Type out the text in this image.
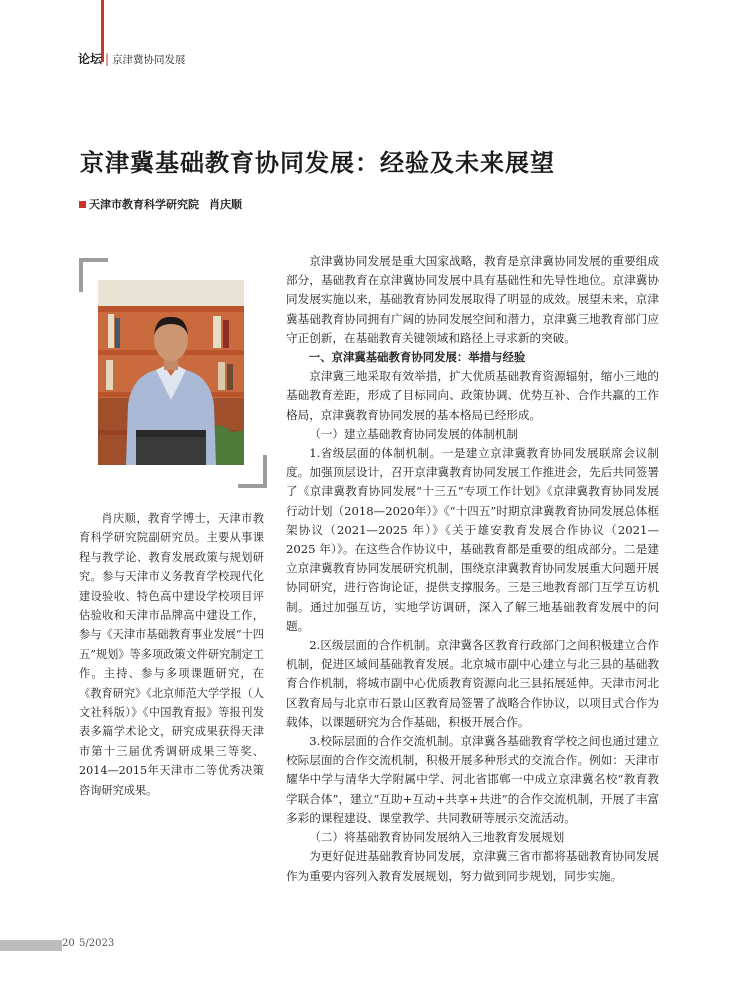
论坛 | 京津冀协同发展
京津冀基础教育协同发展：经验及未来展望
天津市教育科学研究院 肖庆顺

肖庆顺，教育学博士，天津市教育科学研究院副研究员。主要从事课程与教学论、教育发展政策与规划研究。参与天津市义务教育学校现代化建设验收、特色高中建设学校项目评估验收和天津市品牌高中建设工作，参与《天津市基础教育事业发展“十四五”规划》等多项政策文件研究制定工作。主持、参与多项课题研究，在《教育研究》《北京师范大学学报（人文社科版）》《中国教育报》等报刊发表多篇学术论文，研究成果获得天津市第十三届优秀调研成果三等奖、2014—2015年天津市二等优秀决策咨询研究成果。

京津冀协同发展是重大国家战略，教育是京津冀协同发展的重要组成部分，基础教育在京津冀协同发展中具有基础性和先导性地位。京津冀协同发展实施以来，基础教育协同发展取得了明显的成效。展望未来，京津冀基础教育协同拥有广阔的协同发展空间和潜力，京津冀三地教育部门应守正创新，在基础教育关键领域和路径上寻求新的突破。

一、京津冀基础教育协同发展：举措与经验

京津冀三地采取有效举措，扩大优质基础教育资源辐射，缩小三地的基础教育差距，形成了目标同向、政策协调、优势互补、合作共赢的工作格局，京津冀教育协同发展的基本格局已经形成。

（一）建立基础教育协同发展的体制机制

1.省级层面的体制机制。一是建立京津冀教育协同发展联席会议制度。加强顶层设计，召开京津冀教育协同发展工作推进会，先后共同签署了《京津冀教育协同发展“十三五”专项工作计划》《京津冀教育协同发展行动计划（2018—2020年）》《“十四五”时期京津冀教育协同发展总体框架协议（2021—2025 年）》《关于雄安教育发展合作协议（2021—2025 年）》。在这些合作协议中，基础教育都是重要的组成部分。二是建立京津冀教育协同发展研究机制，围绕京津冀教育协同发展重大问题开展协同研究，进行咨询论证，提供支撑服务。三是三地教育部门互学互访机制。通过加强互访，实地学访调研，深入了解三地基础教育发展中的问题。

2.区级层面的合作机制。京津冀各区教育行政部门之间积极建立合作机制，促进区域间基础教育发展。北京城市副中心建立与北三县的基础教育合作机制，将城市副中心优质教育资源向北三县拓展延伸。天津市河北区教育局与北京市石景山区教育局签署了战略合作协议，以项目式合作为载体，以课题研究为合作基础，积极开展合作。

3.校际层面的合作交流机制。京津冀各基础教育学校之间也通过建立校际层面的合作交流机制，积极开展多种形式的交流合作。例如：天津市耀华中学与清华大学附属中学、河北省邯郸一中成立京津冀名校“教育教学联合体”，建立“互助+互动+共享+共进”的合作交流机制，开展了丰富多彩的课程建设、课堂教学、共同教研等展示交流活动。

（二）将基础教育协同发展纳入三地教育发展规划

为更好促进基础教育协同发展，京津冀三省市都将基础教育协同发展作为重要内容列入教育发展规划，努力做到同步规划，同步实施。

20 5/2023
